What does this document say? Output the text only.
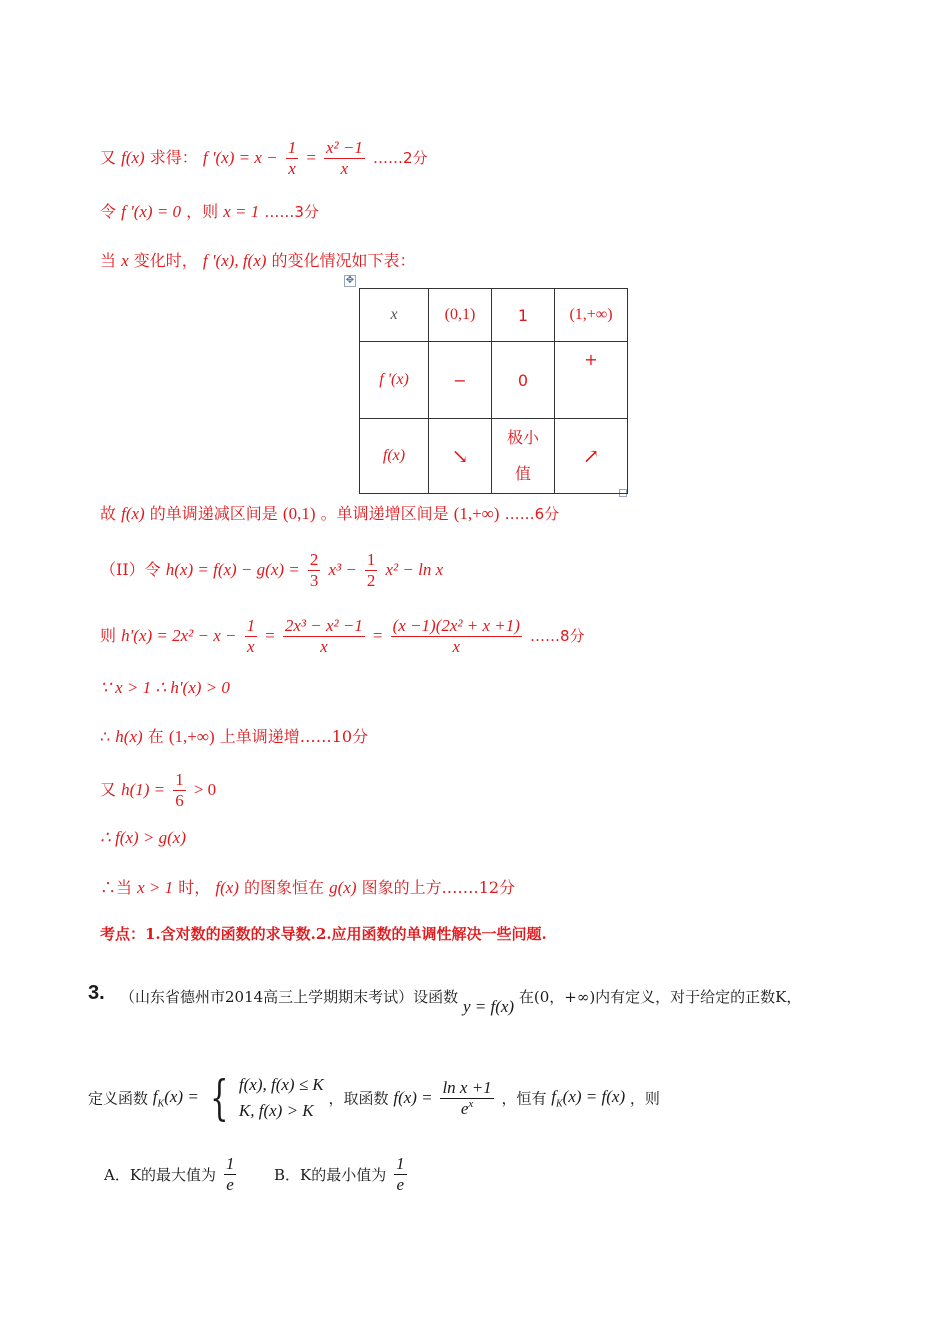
又 f(x) 求得： f '$(x) = x - \frac{1}{x} = \frac{\text{x² −1}}{x}$ ……2分
令 f '(x) = 0 ，则 x = 1 ……3分
当 x 变化时， f '(x), f(x) 的变化情况如下表：
✥
x	(0,1)	1	(1,+∞)
f '(x)	−	0	+
f(x)	↘	极小值	↗
故 f(x) 的单调递减区间是 (0,1) 。单调递增区间是 (1,+∞) ……6分
（II）令 $h(x) = f(x) - g(x) = \frac{2}{3} x^3 - \frac{1}{2} x^2 - \ln x$
则 $h'(x) = 2x^2 - x - \frac{1}{x} = \frac{\text{2x³ − x² −1}}{x} = \frac{\text{(x −1)(2x² + x +1)}}{x}$ ……8分
∵ x > 1 ∴ h'(x) > 0
∴ h(x) 在 (1,+∞) 上单调递增……10分
又 $h(1) = \frac{1}{6} > 0$
∴ f(x) > g(x)
∴当 x > 1 时， f(x) 的图象恒在 g(x) 图象的上方.……12分
考点：1.含对数的函数的求导数.2.应用函数的单调性解决一些问题.
3. （山东省德州市2014高三上学期期末考试）设函数 y = f(x) 在(0，+∞)内有定义，对于给定的正数K，
定义函数 $f_K(x)$ = { f(x), f(x) ≤ K
K, f(x) > K
，取函数 $f(x) = \frac{\text{ln x +1}}{e^x}$ ，恒有 $f_K(x) = f(x)$ ，则
A．K的最大值为 $\frac{1}{e}$	B．K的最小值为 $\frac{1}{e}$
